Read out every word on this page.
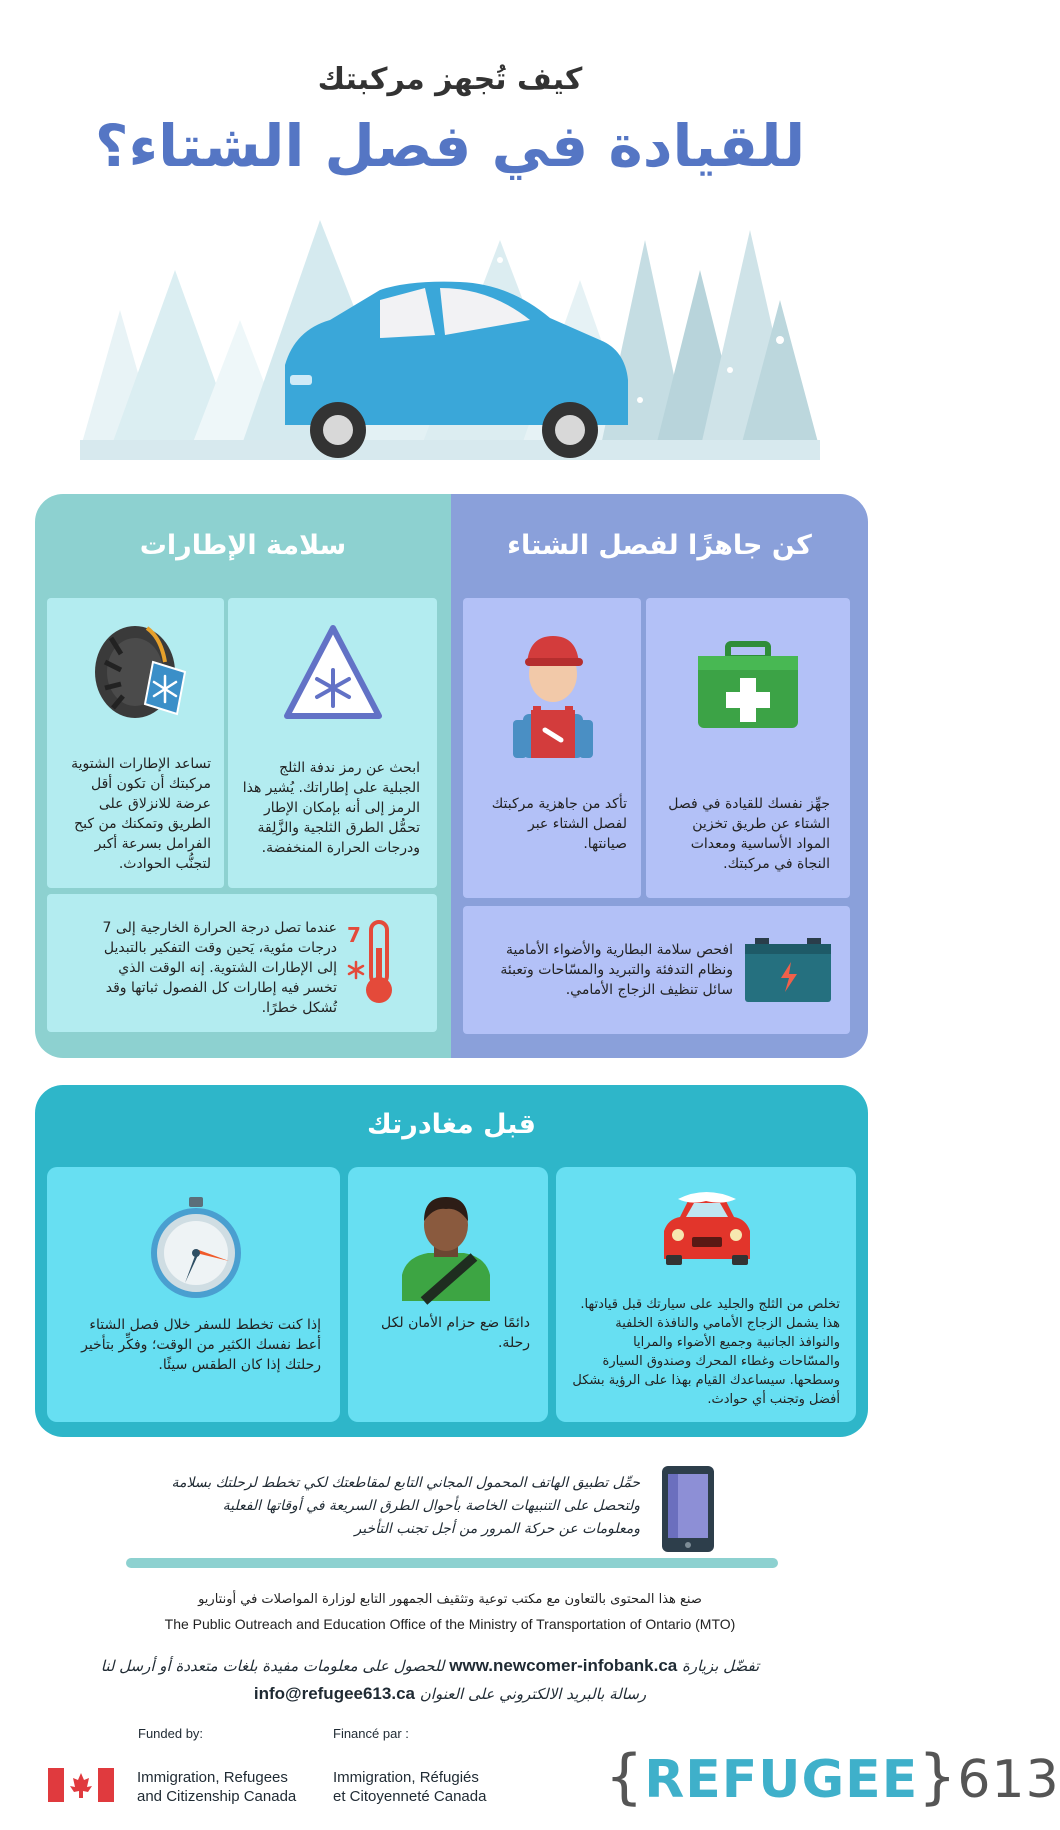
كيف تُجهز مركبتك
للقيادة في فصل الشتاء؟
كن جاهزًا لفصل الشتاء
جهِّز نفسك للقيادة في فصل الشتاء عن طريق تخزين المواد الأساسية ومعدات النجاة في مركبتك.
تأكد من جاهزية مركبتك لفصل الشتاء عبر صيانتها.
افحص سلامة البطارية والأضواء الأمامية ونظام التدفئة والتبريد والمسّاحات وتعبئة سائل تنظيف الزجاج الأمامي.
سلامة الإطارات
ابحث عن رمز ندفة الثلج الجبلية على إطاراتك. يُشير هذا الرمز إلى أنه بإمكان الإطار تحمُّل الطرق الثلجية والزَّلِقة ودرجات الحرارة المنخفضة.
تساعد الإطارات الشتوية مركبتك أن تكون أقل عرضة للانزلاق على الطريق وتمكنك من كبح الفرامل بسرعة أكبر لتجنُّب الحوادث.
7
عندما تصل درجة الحرارة الخارجية إلى 7 درجات مئوية، يَحين وقت التفكير بالتبديل إلى الإطارات الشتوية. إنه الوقت الذي تخسر فيه إطارات كل الفصول ثباتها وقد تُشكل خطرًا.
قبل مغادرتك
تخلص من الثلج والجليد على سيارتك قبل قيادتها. هذا يشمل الزجاج الأمامي والنافذة الخلفية والنوافذ الجانبية وجميع الأضواء والمرايا والمسّاحات وغطاء المحرك وصندوق السيارة وسطحها. سيساعدك القيام بهذا على الرؤية بشكل أفضل وتجنب أي حوادث.
دائمًا ضع حزام الأمان لكل رحلة.
إذا كنت تخطط للسفر خلال فصل الشتاء أعط نفسك الكثير من الوقت؛ وفكِّر بتأخير رحلتك إذا كان الطقس سيئًا.
حمِّل تطبيق الهاتف المحمول المجاني التابع لمقاطعتك لكي تخطط لرحلتك بسلامة
ولتحصل على التنبيهات الخاصة بأحوال الطرق السريعة في أوقاتها الفعلية
ومعلومات عن حركة المرور من أجل تجنب التأخير
صنع هذا المحتوى بالتعاون مع مكتب توعية وتثقيف الجمهور التابع لوزارة المواصلات في أونتاريو
The Public Outreach and Education Office of the Ministry of Transportation of Ontario (MTO)
تفضّل بزيارة www.newcomer-infobank.ca للحصول على معلومات مفيدة بلغات متعددة أو أرسل لنا
رسالة بالبريد الالكتروني على العنوان info@refugee613.ca
Funded by:	Financé par :
Immigration, Refugees
and Citizenship Canada
Immigration, Réfugiés
et Citoyenneté Canada {REFUGEE}613
